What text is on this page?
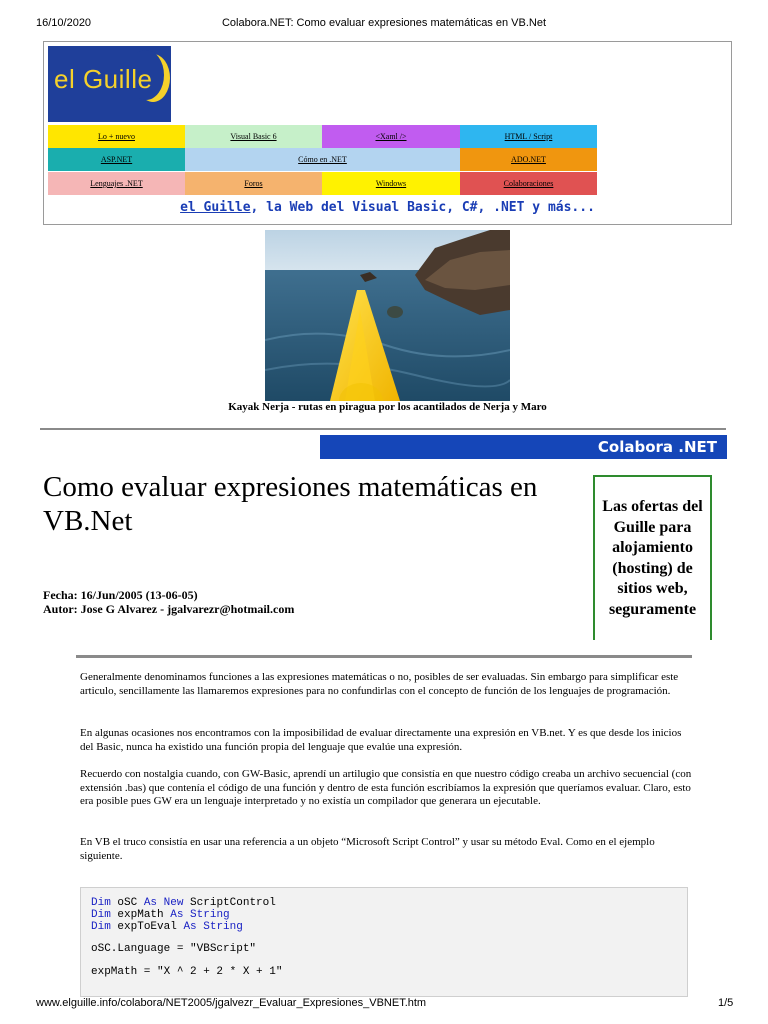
16/10/2020	Colabora.NET: Como evaluar expresiones matemáticas en VB.Net
el Guille
Lo + nuevo	Visual Basic 6	<Xaml />	HTML / Script
ASP.NET	Cómo en .NET	ADO.NET
Lenguajes .NET	Foros	Windows	Colaboraciones
el Guille, la Web del Visual Basic, C#, .NET y más...
Kayak Nerja - rutas en piragua por los acantilados de Nerja y Maro
Colabora .NET
Como evaluar expresiones matemáticas en VB.Net
Fecha: 16/Jun/2005 (13-06-05)
Autor: Jose G Alvarez - jgalvarezr@hotmail.com
Las ofertas del Guille para alojamiento (hosting) de sitios web, seguramente
Generalmente denominamos funciones a las expresiones matemáticas o no, posibles de ser evaluadas. Sin embargo para simplificar este articulo, sencillamente las llamaremos expresiones para no confundirlas con el concepto de función de los lenguajes de programación.
En algunas ocasiones nos encontramos con la imposibilidad de evaluar directamente una expresión en VB.net. Y es que desde los inicios del Basic, nunca ha existido una función propia del lenguaje que evalúe una expresión.
Recuerdo con nostalgia cuando, con GW-Basic, aprendí un artilugio que consistía en que nuestro código creaba un archivo secuencial (con extensión .bas) que contenía el código de una función y dentro de esta función escribíamos la expresión que queríamos evaluar. Claro, esto era posible pues GW era un lenguaje interpretado y no existía un compilador que generara un ejecutable.
En VB el truco consistía en usar una referencia a un objeto “Microsoft Script Control” y usar su método Eval. Como en el ejemplo siguiente.
Dim oSC As New ScriptControl
Dim expMath As String
Dim expToEval As String
oSC.Language = "VBScript"
expMath = "X ^ 2 + 2 * X + 1"
www.elguille.info/colabora/NET2005/jgalvezr_Evaluar_Expresiones_VBNET.htm	1/5
